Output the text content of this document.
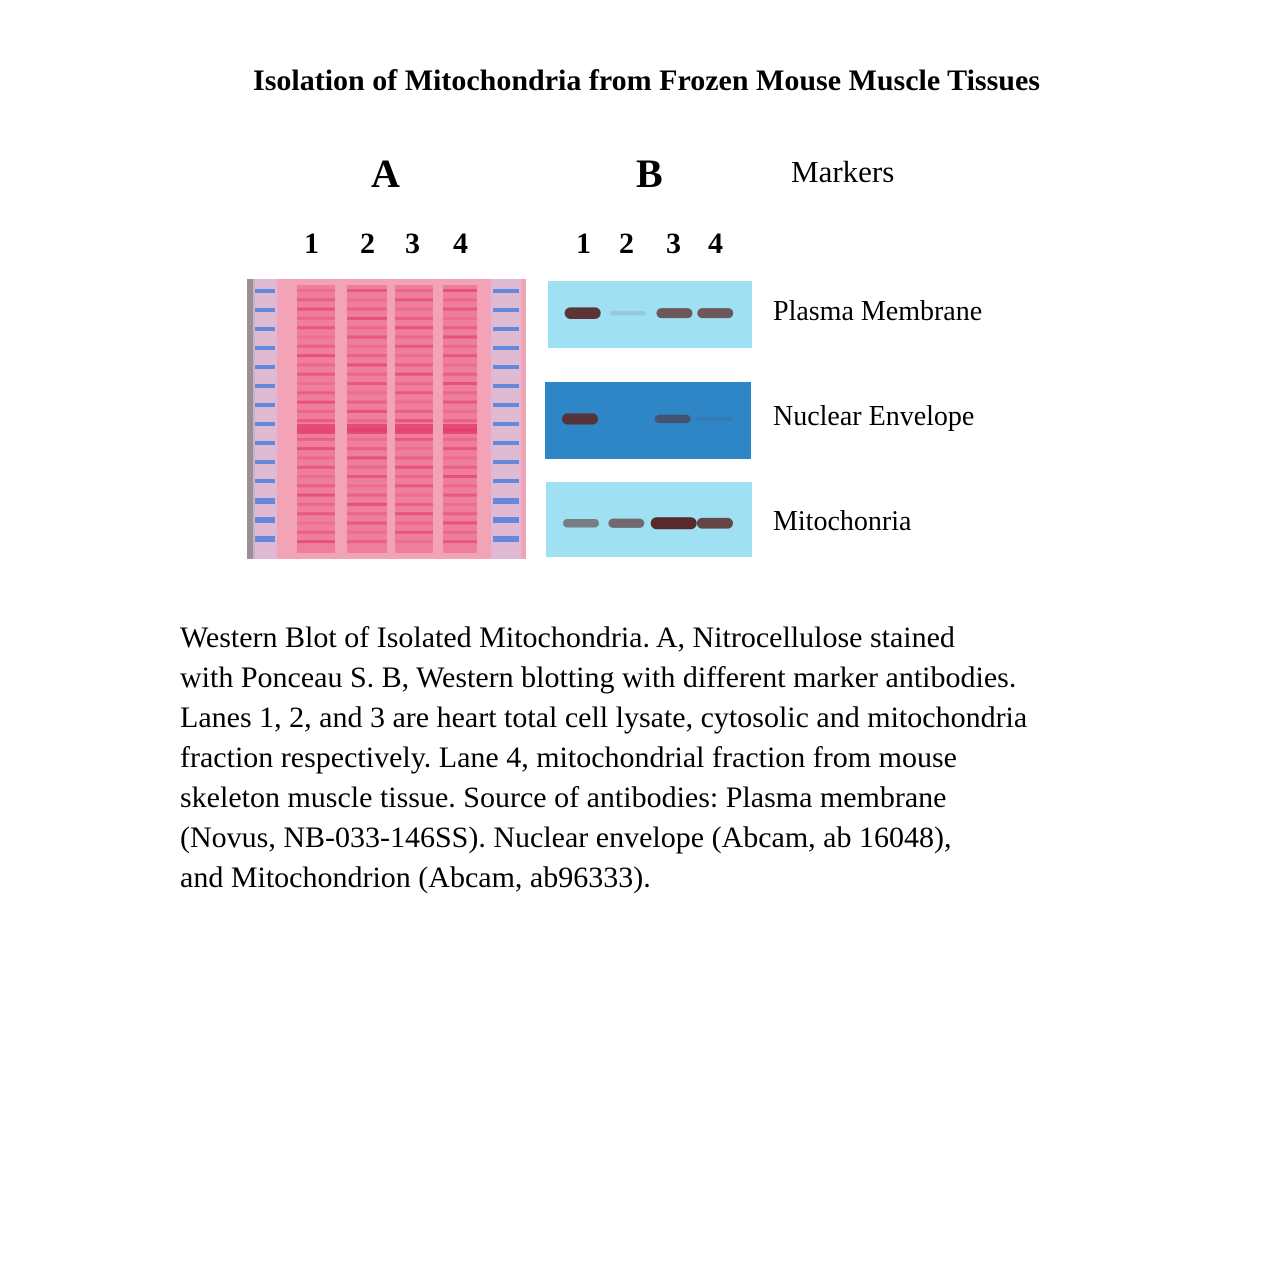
Isolation of Mitochondria from Frozen Mouse Muscle Tissues
A	B	Markers
1 2 3 4	1 2 3 4
Plasma Membrane
Nuclear Envelope
Mitochonria
Western Blot of Isolated Mitochondria. A, Nitrocellulose stained
with Ponceau S. B, Western blotting with different marker antibodies.
Lanes 1, 2, and 3 are heart total cell lysate, cytosolic and mitochondria
fraction respectively. Lane 4, mitochondrial fraction from mouse
skeleton muscle tissue. Source of antibodies: Plasma membrane
(Novus, NB-033-146SS). Nuclear envelope (Abcam, ab 16048),
and Mitochondrion (Abcam, ab96333).
